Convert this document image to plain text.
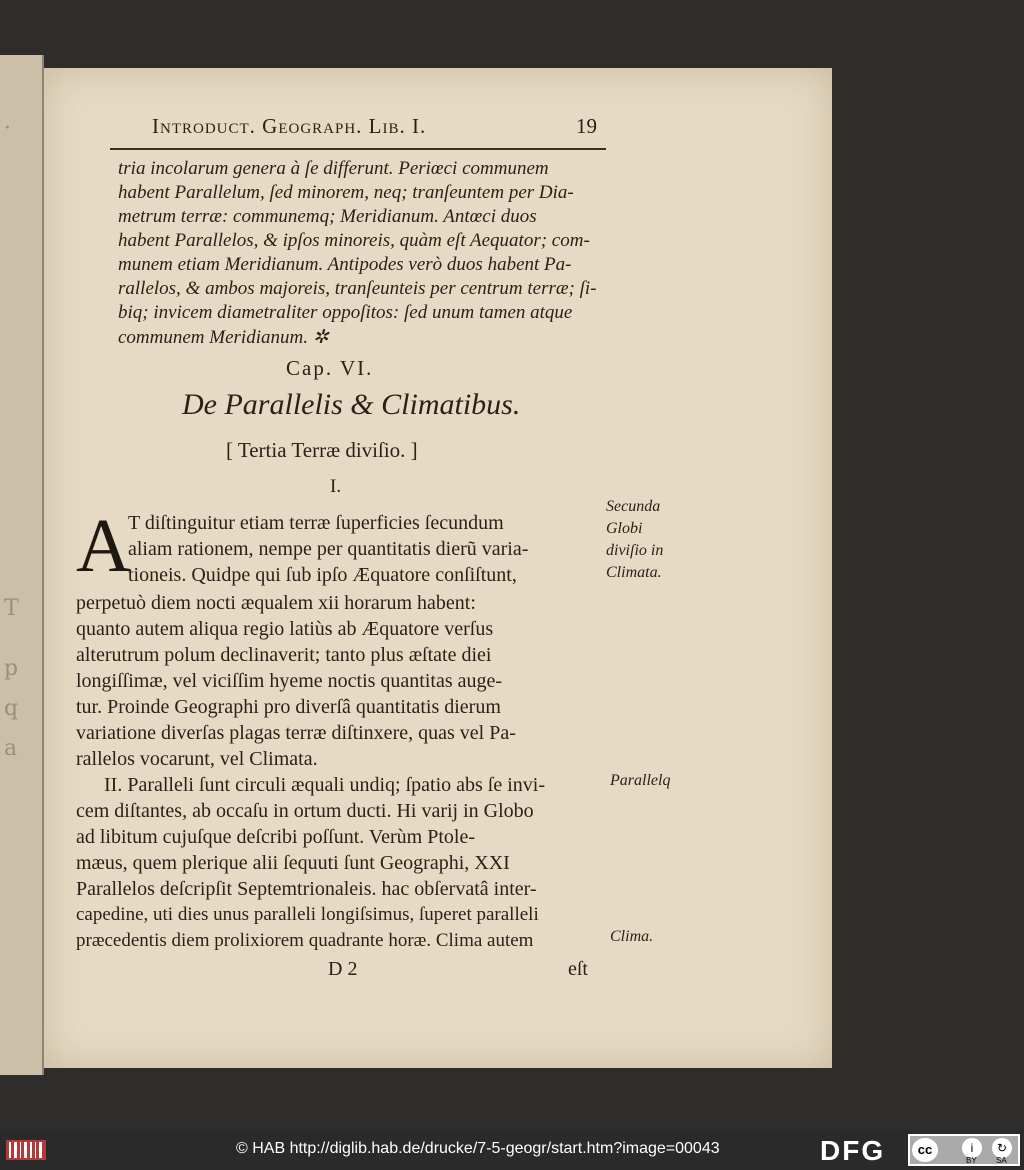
·
T
p
q
a
Introduct. Geograph. Lib. I.	19
tria incolarum genera à ſe differunt. Periœci communem
habent Parallelum, ſed minorem, neq; tranſeuntem per Dia-
metrum terræ: communemq; Meridianum. Antœci duos
habent Parallelos, & ipſos minoreis, quàm eſt Aequator; com-
munem etiam Meridianum. Antipodes verò duos habent Pa-
rallelos, & ambos majoreis, tranſeunteis per centrum terræ; ſi-
biq; invicem diametraliter oppoſitos: ſed unum tamen atque
communem Meridianum. ✲
Cap. VI.
De Parallelis & Climatibus.
[ Tertia Terræ diviſio. ]
I.
A
T diſtinguitur etiam terræ ſuperficies ſecundum
aliam rationem, nempe per quantitatis dierũ varia-
tioneis. Quidpe qui ſub ipſo Æquatore conſiſtunt,
perpetuò diem nocti æqualem xii horarum habent:
quanto autem aliqua regio latiùs ab Æquatore verſus
alterutrum polum declinaverit; tanto plus æſtate diei
longiſſimæ, vel viciſſim hyeme noctis quantitas auge-
tur. Proinde Geographi pro diverſâ quantitatis dierum
variatione diverſas plagas terræ diſtinxere, quas vel Pa-
rallelos vocarunt, vel Climata.
II. Paralleli ſunt circuli æquali undiq; ſpatio abs ſe invi-
cem diſtantes, ab occaſu in ortum ducti. Hi varij in Globo
ad libitum cujuſque deſcribi poſſunt. Verùm Ptole-
mæus, quem plerique alii ſequuti ſunt Geographi, XXI
Parallelos deſcripſit Septemtrionaleis. hac obſervatâ inter-
capedine, uti dies unus paralleli longiſsimus, ſuperet paralleli
præcedentis diem prolixiorem quadrante horæ. Clima autem
Secunda
Globi
diviſio in
Climata.
Parallelq
Clima.
D 2	eſt
© HAB http://diglib.hab.de/drucke/7-5-geogr/start.htm?image=00043	DFG	cc	i	↻
BY SA
